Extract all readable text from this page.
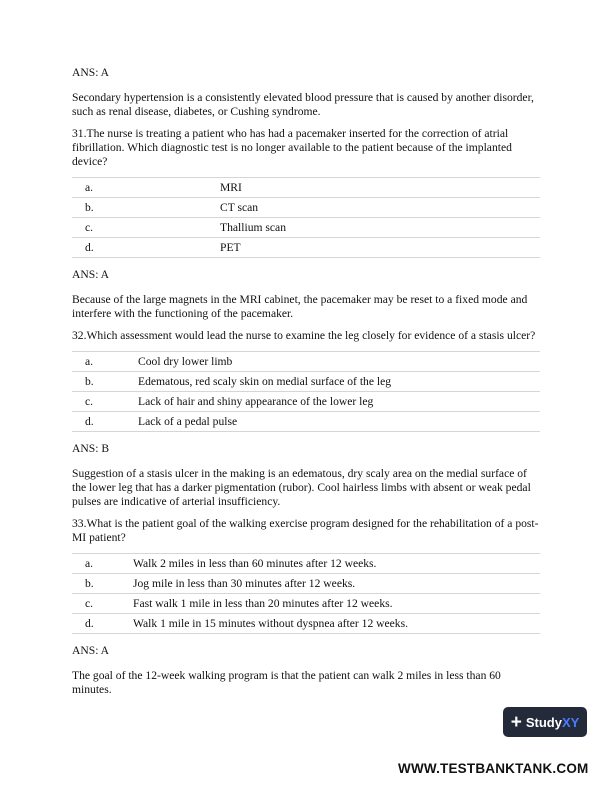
ANS: A

Secondary hypertension is a consistently elevated blood pressure that is caused by another disorder, such as renal disease, diabetes, or Cushing syndrome.

31.The nurse is treating a patient who has had a pacemaker inserted for the correction of atrial fibrillation. Which diagnostic test is no longer available to the patient because of the implanted device?

a.	MRI
b.	CT scan
c.	Thallium scan
d.	PET

ANS: A

Because of the large magnets in the MRI cabinet, the pacemaker may be reset to a fixed mode and interfere with the functioning of the pacemaker.

32.Which assessment would lead the nurse to examine the leg closely for evidence of a stasis ulcer?

a.	Cool dry lower limb
b.	Edematous, red scaly skin on medial surface of the leg
c.	Lack of hair and shiny appearance of the lower leg
d.	Lack of a pedal pulse

ANS: B

Suggestion of a stasis ulcer in the making is an edematous, dry scaly area on the medial surface of the lower leg that has a darker pigmentation (rubor). Cool hairless limbs with absent or weak pedal pulses are indicative of arterial insufficiency.

33.What is the patient goal of the walking exercise program designed for the rehabilitation of a post-MI patient?

a.	Walk 2 miles in less than 60 minutes after 12 weeks.
b.	Jog mile in less than 30 minutes after 12 weeks.
c.	Fast walk 1 mile in less than 20 minutes after 12 weeks.
d.	Walk 1 mile in 15 minutes without dyspnea after 12 weeks.

ANS: A

The goal of the 12-week walking program is that the patient can walk 2 miles in less than 60 minutes.

+ Study XY
WWW.TESTBANKTANK.COM
